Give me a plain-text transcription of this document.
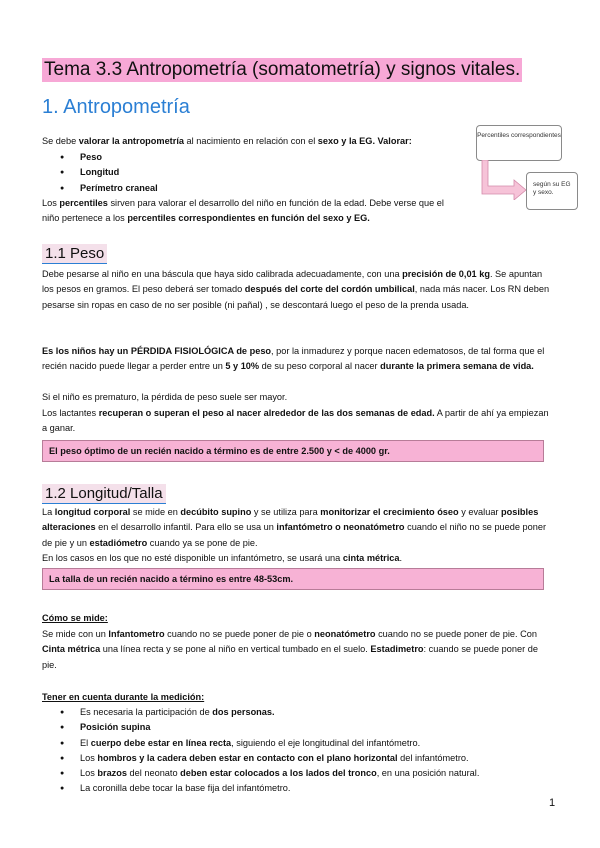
Tema 3.3 Antropometría (somatometría) y signos vitales.
1. Antropometría
Se debe valorar la antropometría al nacimiento en relación con el sexo y la EG. Valorar:
● Peso
● Longitud
● Perímetro craneal
Los percentiles sirven para valorar el desarrollo del niño en función de la edad. Debe verse que el niño pertenece a los percentiles correspondientes en función del sexo y EG.
Percentiles correspondientes
según su EG y sexo.
1.1 Peso
Debe pesarse al niño en una báscula que haya sido calibrada adecuadamente, con una precisión de 0,01 kg. Se apuntan los pesos en gramos. El peso deberá ser tomado después del corte del cordón umbilical, nada más nacer. Los RN deben pesarse sin ropas en caso de no ser posible (ni pañal) , se descontará luego el peso de la prenda usada.
Es los niños hay un PÉRDIDA FISIOLÓGICA de peso, por la inmadurez y porque nacen edematosos, de tal forma que el recién nacido puede llegar a perder entre un 5 y 10% de su peso corporal al nacer durante la primera semana de vida.
Si el niño es prematuro, la pérdida de peso suele ser mayor.
Los lactantes recuperan o superan el peso al nacer alrededor de las dos semanas de edad. A partir de ahí ya empiezan a ganar.
El peso óptimo de un recién nacido a término es de entre 2.500 y < de 4000 gr.
1.2 Longitud/Talla
La longitud corporal se mide en decúbito supino y se utiliza para monitorizar el crecimiento óseo y evaluar posibles alteraciones en el desarrollo infantil. Para ello se usa un infantómetro o neonatómetro cuando el niño no se puede poner de pie y un estadiómetro cuando ya se pone de pie.
En los casos en los que no esté disponible un infantómetro, se usará una cinta métrica.
La talla de un recién nacido a término es entre 48-53cm.
Cómo se mide:
Se mide con un Infantometro cuando no se puede poner de pie o neonatómetro cuando no se puede poner de pie. Con Cinta métrica una línea recta y se pone al niño en vertical tumbado en el suelo. Estadimetro: cuando se puede poner de pie.
Tener en cuenta durante la medición:
● Es necesaria la participación de dos personas.
● Posición supina
● El cuerpo debe estar en línea recta, siguiendo el eje longitudinal del infantómetro.
● Los hombros y la cadera deben estar en contacto con el plano horizontal del infantómetro.
● Los brazos del neonato deben estar colocados a los lados del tronco, en una posición natural.
● La coronilla debe tocar la base fija del infantómetro.
1
